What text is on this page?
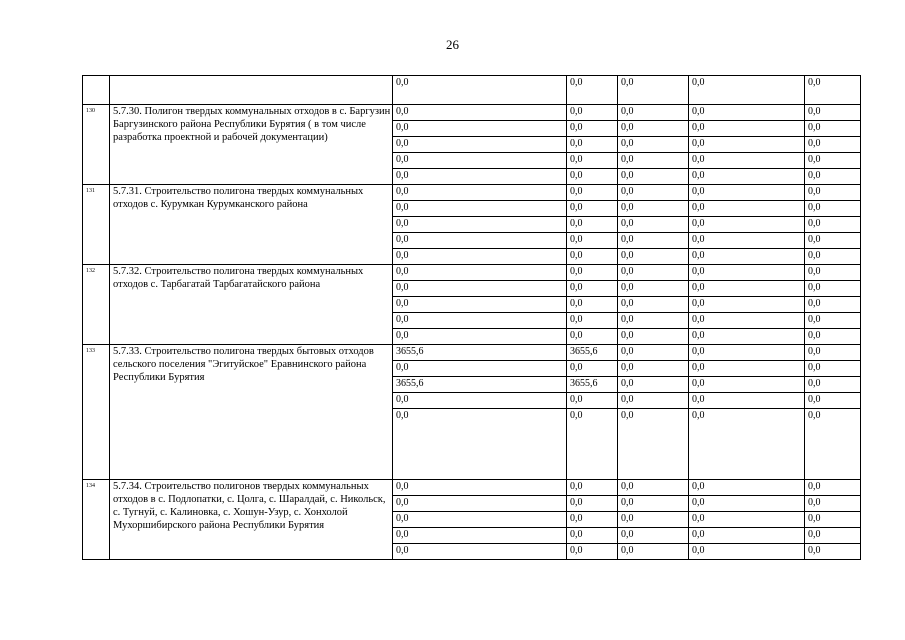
26
		0,0	0,0	0,0	0,0	0,0
130	5.7.30. Полигон твердых коммунальных отходов в с. Баргузин Баргузинского района Республики Бурятия ( в том числе разработка проектной и рабочей документации)	0,0	0,0	0,0	0,0	0,0
		0,0	0,0	0,0	0,0	0,0
		0,0	0,0	0,0	0,0	0,0
		0,0	0,0	0,0	0,0	0,0
		0,0	0,0	0,0	0,0	0,0
131	5.7.31. Строительство полигона твердых коммунальных отходов с. Курумкан Курумканского района	0,0	0,0	0,0	0,0	0,0
		0,0	0,0	0,0	0,0	0,0
		0,0	0,0	0,0	0,0	0,0
		0,0	0,0	0,0	0,0	0,0
		0,0	0,0	0,0	0,0	0,0
132	5.7.32. Строительство полигона твердых коммунальных отходов с. Тарбагатай Тарбагатайского района	0,0	0,0	0,0	0,0	0,0
		0,0	0,0	0,0	0,0	0,0
		0,0	0,0	0,0	0,0	0,0
		0,0	0,0	0,0	0,0	0,0
		0,0	0,0	0,0	0,0	0,0
133	5.7.33. Строительство полигона твердых бытовых отходов сельского поселения "Эгитуйское" Еравнинского района Республики Бурятия	3655,6	3655,6	0,0	0,0	0,0
		0,0	0,0	0,0	0,0	0,0
		3655,6	3655,6	0,0	0,0	0,0
		0,0	0,0	0,0	0,0	0,0
		0,0	0,0	0,0	0,0	0,0
134	5.7.34. Строительство полигонов твердых коммунальных отходов в с. Подлопатки, с. Цолга, с. Шаралдай, с. Никольск, с. Тугнуй, с. Калиновка, с. Хошун-Узур, с. Хонхолой Мухоршибирского района Республики Бурятия	0,0	0,0	0,0	0,0	0,0
		0,0	0,0	0,0	0,0	0,0
		0,0	0,0	0,0	0,0	0,0
		0,0	0,0	0,0	0,0	0,0
		0,0	0,0	0,0	0,0	0,0
